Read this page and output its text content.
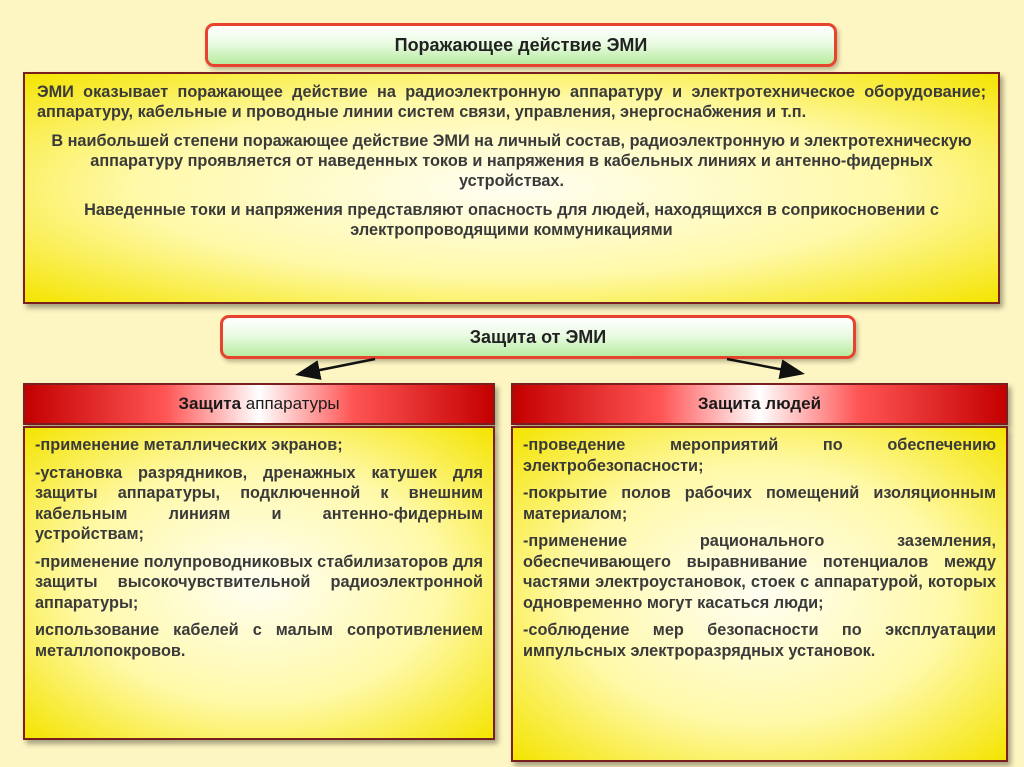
Поражающее действие ЭМИ

ЭМИ оказывает поражающее действие на радиоэлектронную аппаратуру и электротехническое оборудование; аппаратуру, кабельные и проводные линии систем связи, управления, энергоснабжения и т.п.

В наибольшей степени поражающее действие ЭМИ на личный состав, радиоэлектронную и электротехническую аппаратуру проявляется от наведенных токов и напряжения в кабельных линиях и антенно-фидерных устройствах.

Наведенные токи и напряжения представляют опасность для людей, находящихся в соприкосновении с электропроводящими коммуникациями

Защита от ЭМИ
Защита
аппаратуры

-применение металлических экранов;

-установка разрядников, дренажных катушек для защиты аппаратуры, подключенной к внешним кабельным линиям и антенно-фидерным устройствам;

-применение полупроводниковых стабилизаторов для защиты высокочувствительной радиоэлектронной аппаратуры;

использование кабелей с малым сопротивлением металлопокровов.

Защита людей

-проведение мероприятий по обеспечению электробезопасности;

-покрытие полов рабочих помещений изоляционным материалом;

-применение рационального заземления, обеспечивающего выравнивание потенциалов между частями электроустановок, стоек с аппаратурой, которых одновременно могут касаться люди;

-соблюдение мер безопасности по эксплуатации импульсных электроразрядных установок.
